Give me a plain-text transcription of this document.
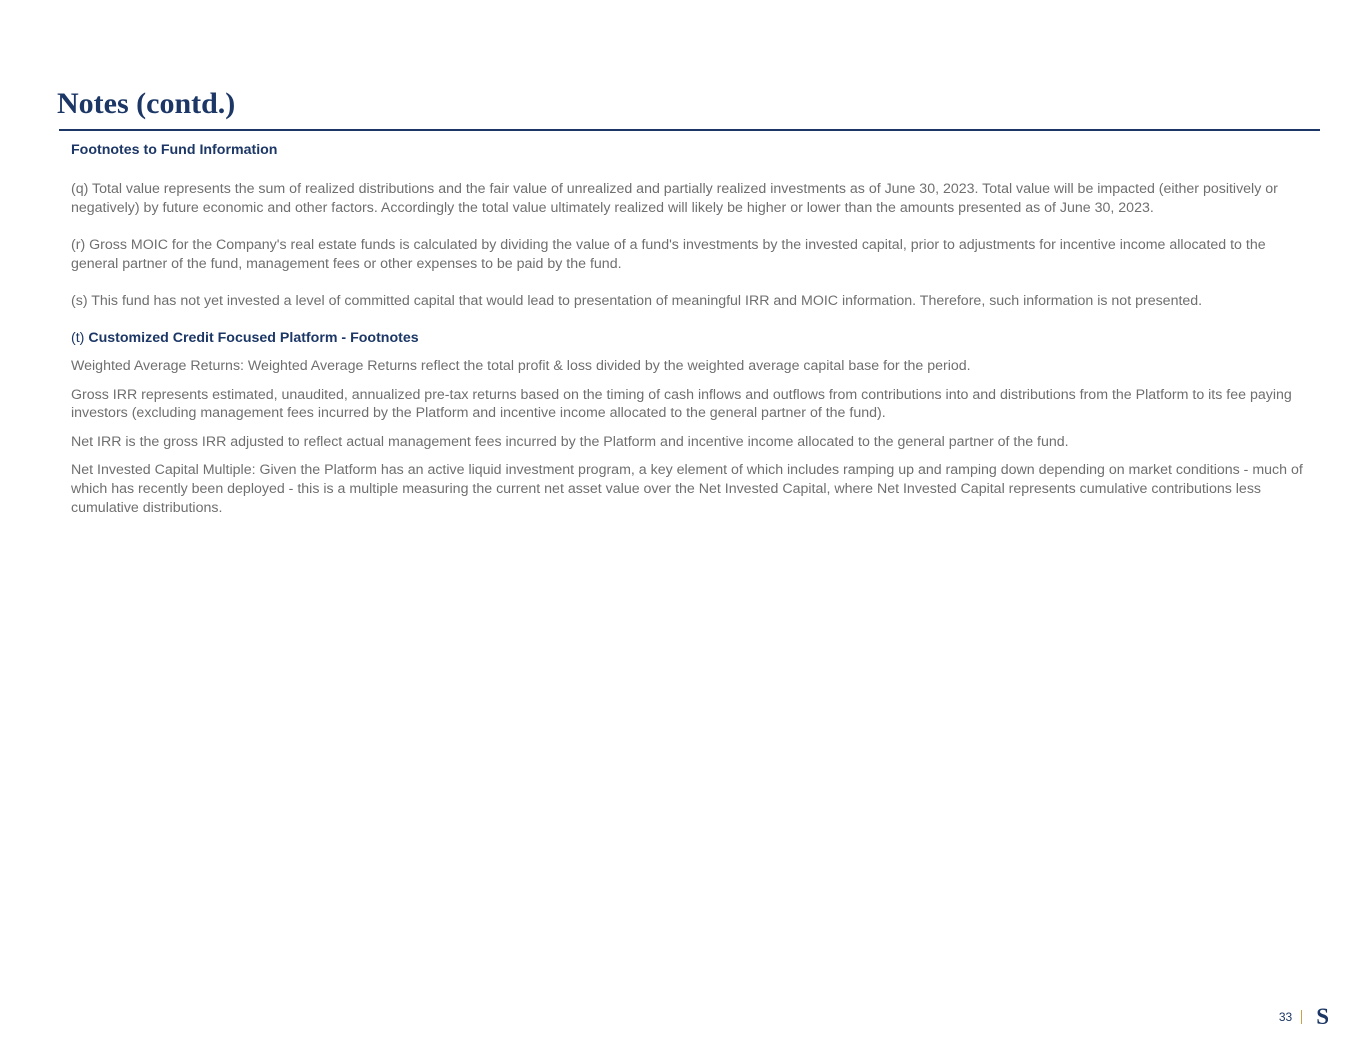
Notes (contd.)

Footnotes to Fund Information

(q) Total value represents the sum of realized distributions and the fair value of unrealized and partially realized investments as of June 30, 2023. Total value will be impacted (either positively or negatively) by future economic and other factors. Accordingly the total value ultimately realized will likely be higher or lower than the amounts presented as of June 30, 2023.

(r) Gross MOIC for the Company's real estate funds is calculated by dividing the value of a fund's investments by the invested capital, prior to adjustments for incentive income allocated to the general partner of the fund, management fees or other expenses to be paid by the fund.

(s) This fund has not yet invested a level of committed capital that would lead to presentation of meaningful IRR and MOIC information. Therefore, such information is not presented.

(t) Customized Credit Focused Platform - Footnotes

Weighted Average Returns: Weighted Average Returns reflect the total profit & loss divided by the weighted average capital base for the period.

Gross IRR represents estimated, unaudited, annualized pre-tax returns based on the timing of cash inflows and outflows from contributions into and distributions from the Platform to its fee paying investors (excluding management fees incurred by the Platform and incentive income allocated to the general partner of the fund).

Net IRR is the gross IRR adjusted to reflect actual management fees incurred by the Platform and incentive income allocated to the general partner of the fund.

Net Invested Capital Multiple: Given the Platform has an active liquid investment program, a key element of which includes ramping up and ramping down depending on market conditions - much of which has recently been deployed - this is a multiple measuring the current net asset value over the Net Invested Capital, where Net Invested Capital represents cumulative contributions less cumulative distributions.

33 S
